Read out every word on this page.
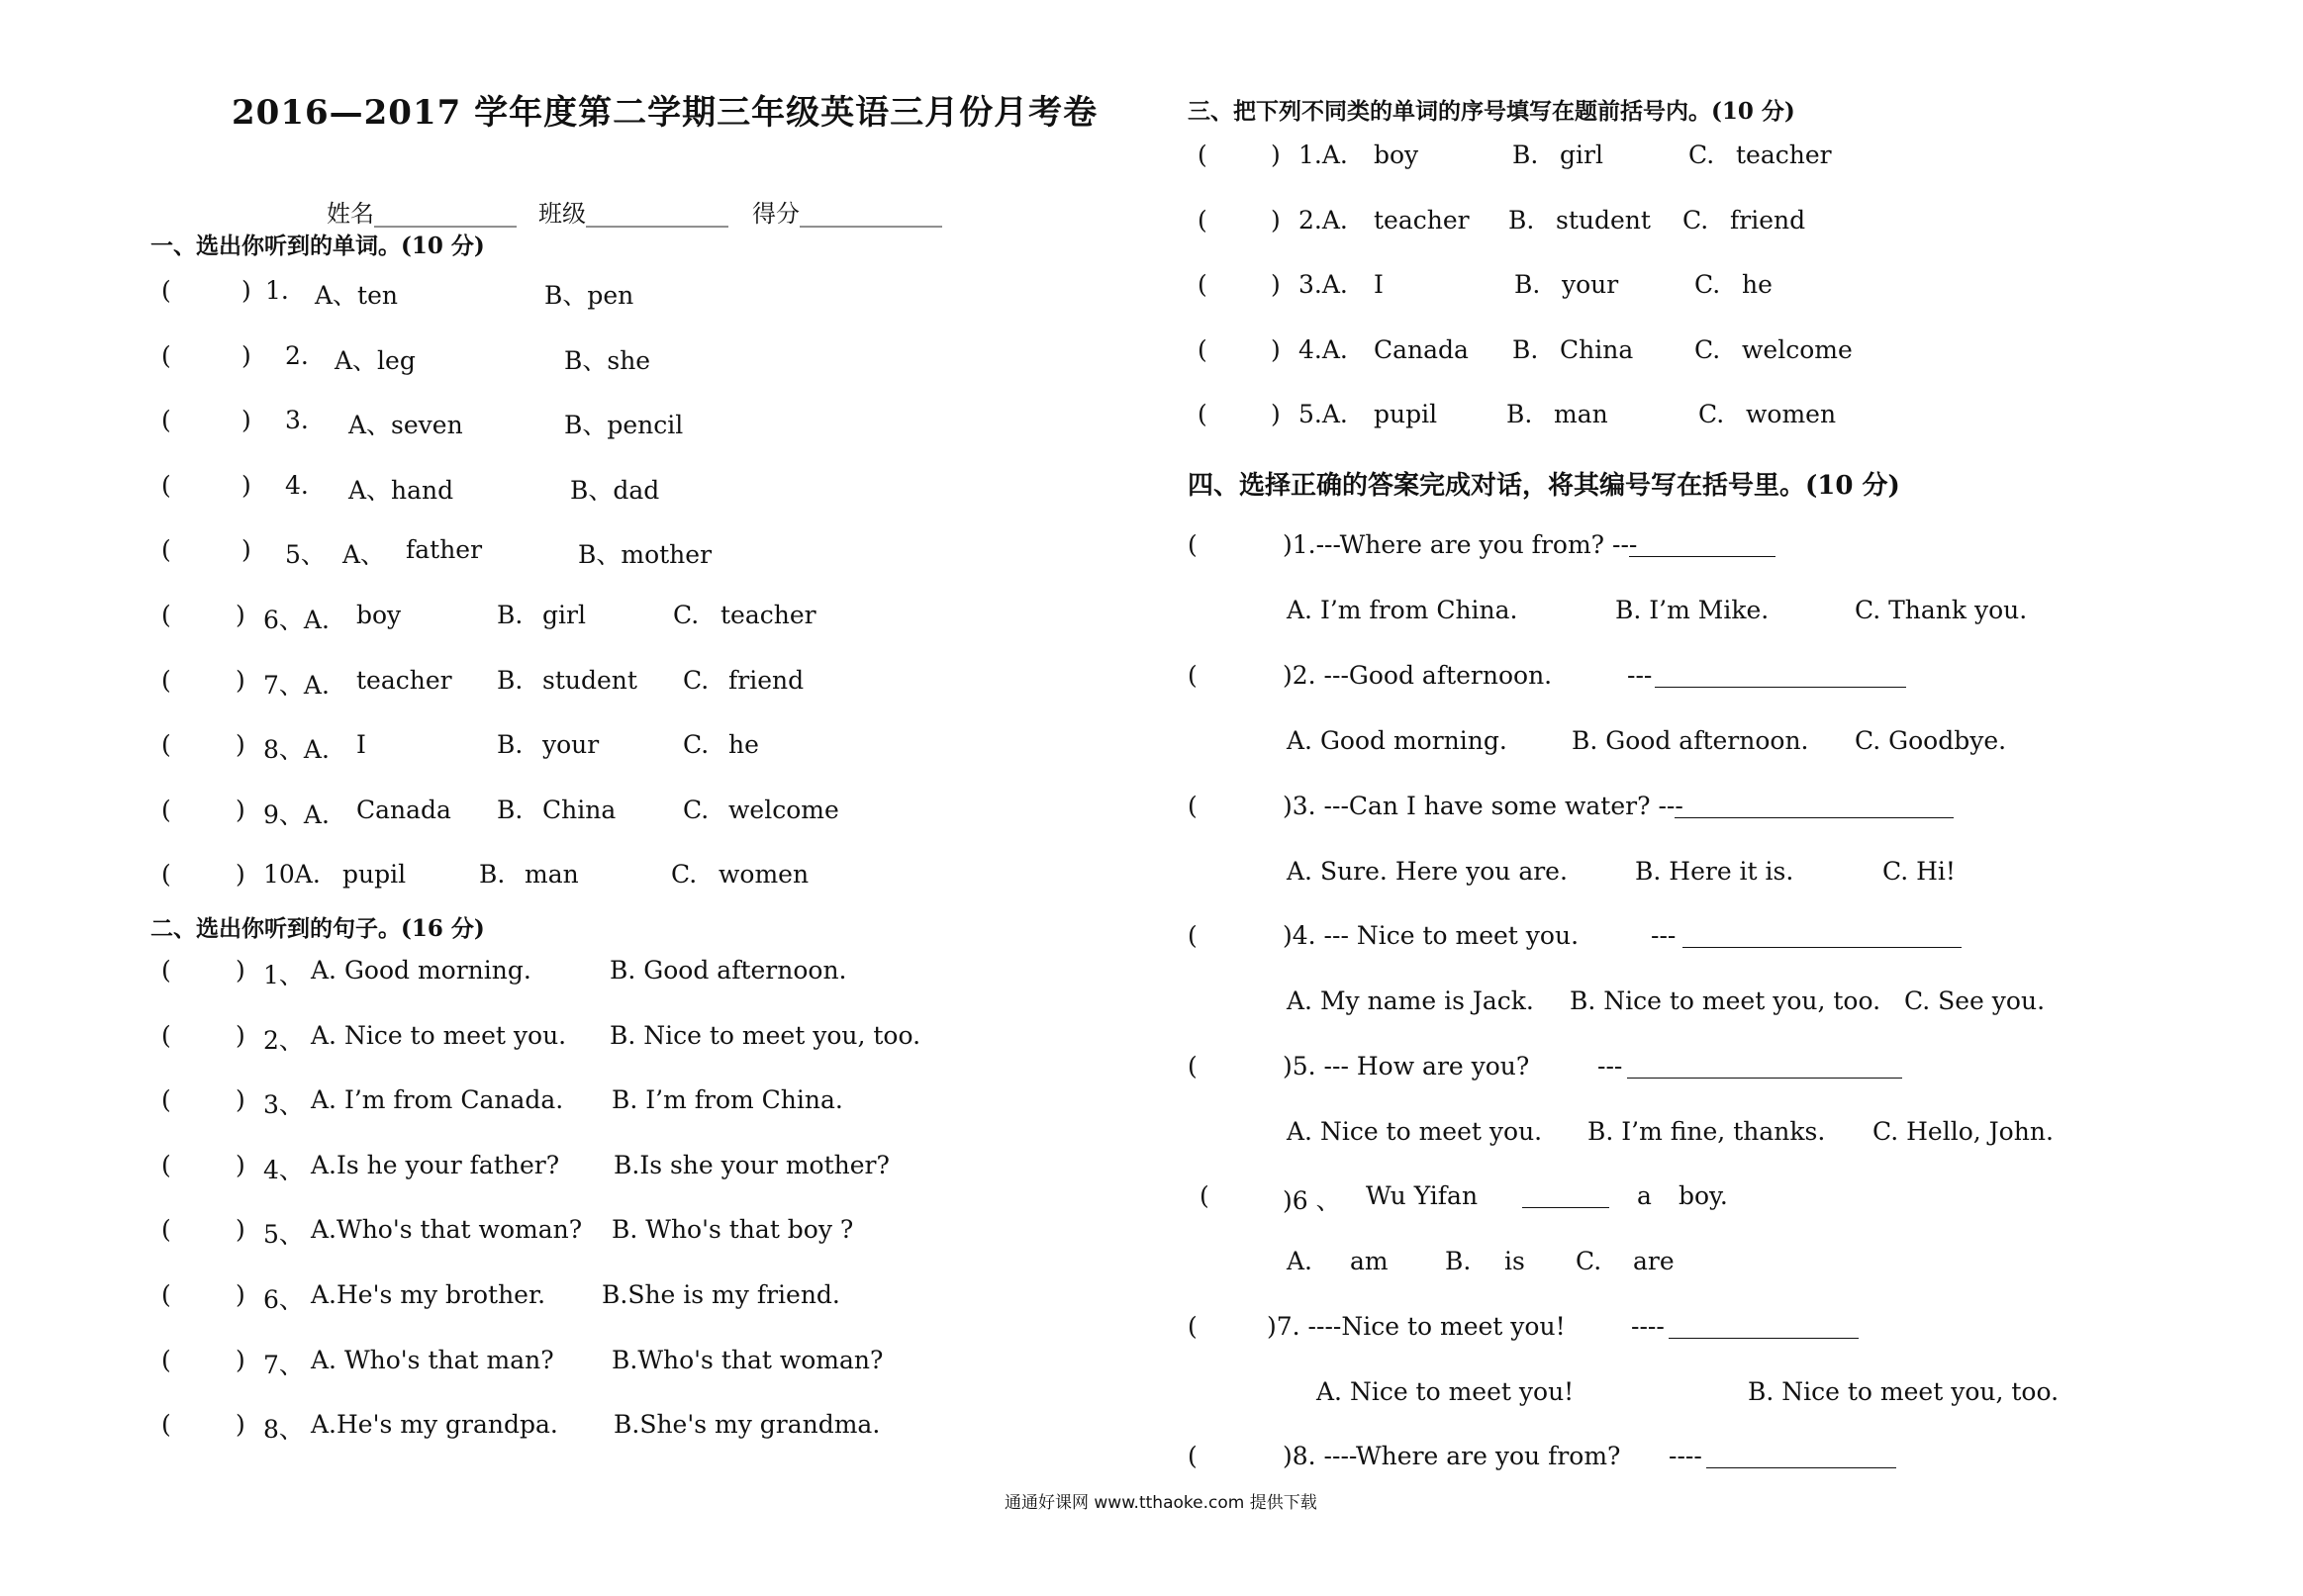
2016—2017 学年度第二学期三年级英语三月份月考卷
姓名____________ 班级____________ 得分____________
一、选出你听到的单词。(10 分)
(	) 1. A、ten	B、pen
(	) 2. A、leg	B、she
(	) 3. A、seven	B、pencil
(	) 4. A、hand	B、dad
(	) 5、 A、 father	B、mother
(	) 6、A. boy	B. girl	C. teacher
(	) 7、A. teacher B. student C. friend
(	) 8、A. I	B. your	C. he
(	) 9、A. Canada B. China	C. welcome
(	) 10A. pupil	B. man	C. women
二、选出你听到的句子。(16 分)
(	) 1、 A. Good morning.	B. Good afternoon.
(	) 2、 A. Nice to meet you. B. Nice to meet you, too.
(	) 3、 A. I’m from Canada. B. I’m from China.
(	) 4、 A.Is he your father? B.Is she your mother?
(	) 5、 A.Who's that woman? B. Who's that boy ?
(	) 6、 A.He's my brother. B.She is my friend.
(	) 7、 A. Who's that man? B.Who's that woman?
(	) 8、 A.He's my grandpa. B.She's my grandma.
三、把下列不同类的单词的序号填写在题前括号内。(10 分)
(	) 1.A. boy	B. girl	C. teacher
(	) 2.A. teacher B. student C. friend
(	) 3.A. I	B. your	C. he
(	) 4.A. Canada B. China C. welcome
(	) 5.A. pupil	B. man	C. women
四、选择正确的答案完成对话，将其编号写在括号里。(10 分)
(	)1.---Where are you from? ---
A. I’m from China.	B. I’m Mike.	C. Thank you.
(	)2. ---Good afternoon.	---
A. Good morning.	B. Good afternoon. C. Goodbye.
(	)3. ---Can I have some water? ---
A. Sure. Here you are.	B. Here it is.	C. Hi!
(	)4. --- Nice to meet you.	---
A. My name is Jack. B. Nice to meet you, too. C. See you.
(	)5. --- How are you?	---
A. Nice to meet you. B. I’m fine, thanks. C. Hello, John.
(	)6 、 Wu Yifan	a boy.
A. am B. is C. are
(	)7. ----Nice to meet you!	----
A. Nice to meet you!	B. Nice to meet you, too.
(	)8. ----Where are you from? ----
通通好课网 www.tthaoke.com 提供下载
